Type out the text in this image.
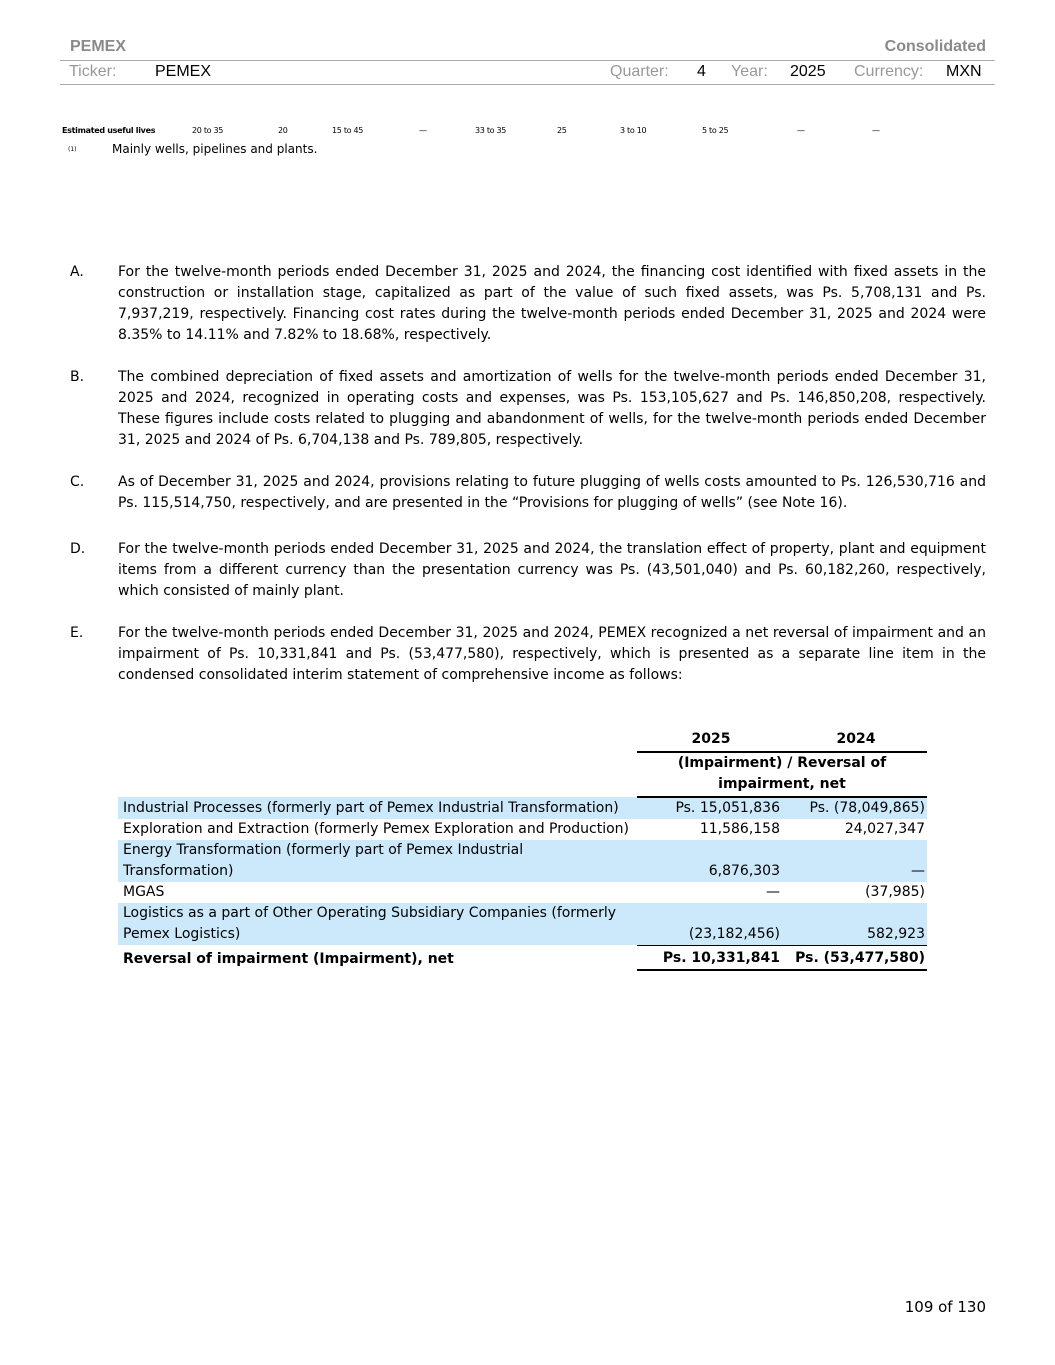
PEMEX	Consolidated
Ticker: PEMEX	Quarter: 4 Year: 2025 Currency: MXN
Estimated useful lives	20 to 35	20	15 to 45	—	33 to 35	25	3 to 10	5 to 25	—	—
(1)	Mainly wells, pipelines and plants.
A. For the twelve-month periods ended December 31, 2025 and 2024, the financing cost identified with fixed assets in the construction or installation stage, capitalized as part of the value of such fixed assets, was Ps. 5,708,131 and Ps. 7,937,219, respectively. Financing cost rates during the twelve-month periods ended December 31, 2025 and 2024 were 8.35% to 14.11% and 7.82% to 18.68%, respectively.
B. The combined depreciation of fixed assets and amortization of wells for the twelve-month periods ended December 31, 2025 and 2024, recognized in operating costs and expenses, was Ps. 153,105,627 and Ps. 146,850,208, respectively. These figures include costs related to plugging and abandonment of wells, for the twelve-month periods ended December 31, 2025 and 2024 of Ps. 6,704,138 and Ps. 789,805, respectively.
C. As of December 31, 2025 and 2024, provisions relating to future plugging of wells costs amounted to Ps. 126,530,716 and Ps. 115,514,750, respectively, and are presented in the “Provisions for plugging of wells” (see Note 16).
D. For the twelve-month periods ended December 31, 2025 and 2024, the translation effect of property, plant and equipment items from a different currency than the presentation currency was Ps. (43,501,040) and Ps. 60,182,260, respectively, which consisted of mainly plant.
E. For the twelve-month periods ended December 31, 2025 and 2024, PEMEX recognized a net reversal of impairment and an impairment of Ps. 10,331,841 and Ps. (53,477,580), respectively, which is presented as a separate line item in the condensed consolidated interim statement of comprehensive income as follows:
	2025	2024
	(Impairment) / Reversal of impairment, net	
Industrial Processes (formerly part of Pemex Industrial Transformation)	Ps. 15,051,836	Ps. (78,049,865)
Exploration and Extraction (formerly Pemex Exploration and Production)	11,586,158	24,027,347
Energy Transformation (formerly part of Pemex Industrial Transformation)	6,876,303	—
MGAS	—	(37,985)
Logistics as a part of Other Operating Subsidiary Companies (formerly Pemex Logistics)	(23,182,456)	582,923
Reversal of impairment (Impairment), net	Ps. 10,331,841	Ps. (53,477,580)
109 of 130
